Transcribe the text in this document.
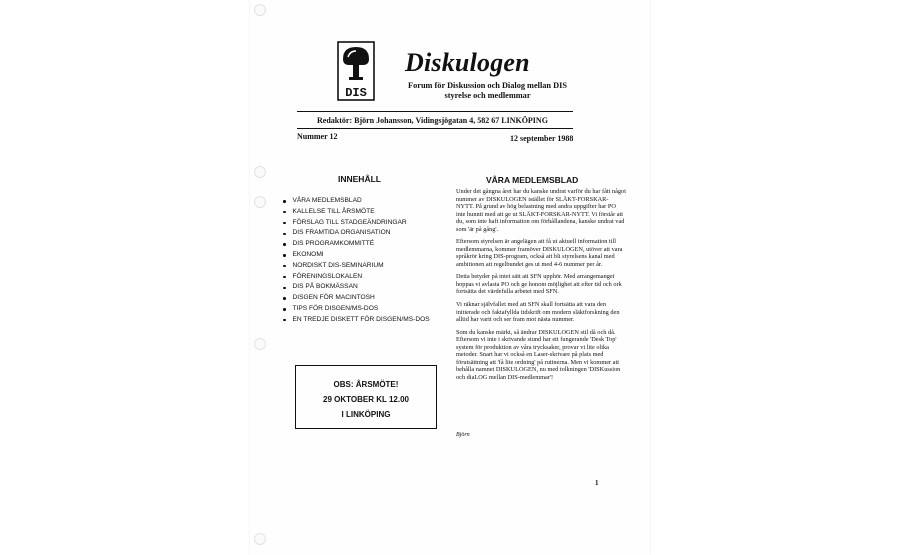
DIS
Diskulogen
Forum för Diskussion och Dialog mellan DIS styrelse och medlemmar
Redaktör: Björn Johansson, Vidingsjögatan 4, 582 67 LINKÖPING
Nummer 12	12 september 1988
INNEHÅLL
VÅRA MEDLEMSBLAD
KALLELSE TILL ÅRSMÖTE
FÖRSLAG TILL STADGEÄNDRINGAR
DIS FRAMTIDA ORGANISATION
DIS PROGRAMKOMMITTÉ
EKONOMI
NORDISKT DIS-SEMINARIUM
FÖRENINGSLOKALEN
DIS PÅ BOKMÄSSAN
DISGEN FÖR MACINTOSH
TIPS FÖR DISGEN/MS-DOS
EN TREDJE DISKETT FÖR DISGEN/MS-DOS
OBS: ÅRSMÖTE!
29 OKTOBER KL 12.00
I LINKÖPING
VÅRA MEDLEMSBLAD

Under det gångna året har du kanske undrat varför du har fått något nummer av DISKULOGEN istället för SLÄKT-FORSKAR-NYTT. På grund av hög belastning med andra uppgifter har PO inte hunnit med att ge ut SLÄKT-FORSKAR-NYTT. Vi förstår att du, som inte haft information om förhållandena, kanske undrat vad som 'är på gång'.

Eftersom styrelsen är angelägen att få ut aktuell information till medlemmarna, kommer framöver DISKULOGEN, utöver att vara språkrör kring DIS-program, också att bli styrelsens kanal med ambitionen att regelbundet ges ut med 4-6 nummer per år.

Detta betyder på intet sätt att SFN upphör. Med arrangemanget hoppas vi avlasta PO och ge honom möjlighet att efter tid och ork fortsätta det värdefulla arbetet med SFN.

Vi räknar självfallet med att SFN skall fortsätta att vara den initierade och faktafyllda tidskrift om modern släktforskning den alltid har varit och ser fram mot nästa nummer.

Som du kanske märkt, så ändrar DISKULOGEN stil då och då. Eftersom vi inte i skrivande stund har ett fungerande 'Desk Top' system för produktion av våra trycksaker, provar vi lite olika metoder. Snart har vi också en Laser-skrivare på plats med förutsättning att 'få lite ordning' på rutinerna. Men vi kommer att behålla namnet DISKULOGEN, nu med tolkningen 'DISKussion och diaLOG mellan DIS-medlemmar'!

Björn
1
